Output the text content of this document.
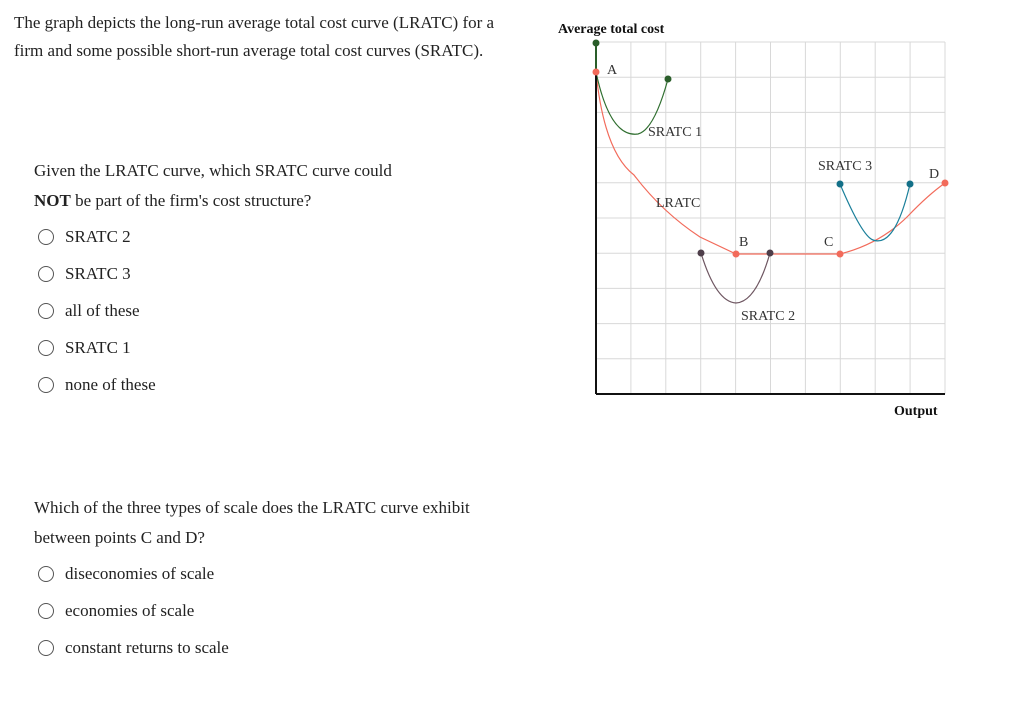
The graph depicts the long-run average total cost curve (LRATC) for a firm and some possible short-run average total cost curves (SRATC).

Given the LRATC curve, which SRATC curve could
NOT be part of the firm's cost structure?

SRATC 2
SRATC 3
all of these
SRATC 1
none of these

Which of the three types of scale does the LRATC curve exhibit between points C and D?

diseconomies of scale
economies of scale
constant returns to scale
Average total cost
Output
A
B	C
D
SRATC 1
LRATC
SRATC 2
SRATC 3
